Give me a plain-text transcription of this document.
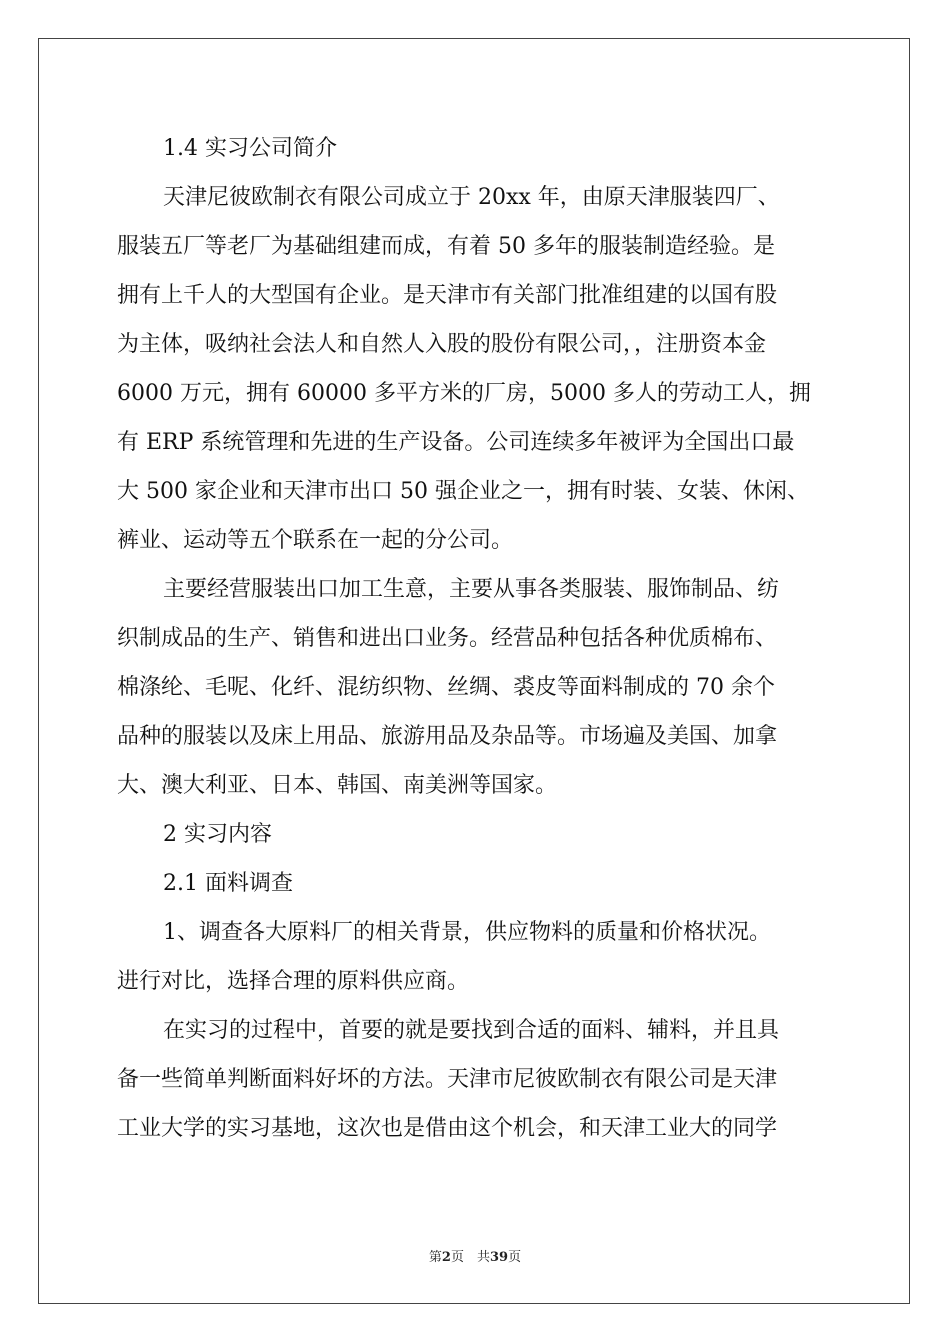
1.4 实习公司简介
天津尼彼欧制衣有限公司成立于 20xx 年，由原天津服装四厂、
服装五厂等老厂为基础组建而成，有着 50 多年的服装制造经验。是
拥有上千人的大型国有企业。是天津市有关部门批准组建的以国有股
为主体，吸纳社会法人和自然人入股的股份有限公司，，注册资本金
6000 万元，拥有 60000 多平方米的厂房，5000 多人的劳动工人，拥
有 ERP 系统管理和先进的生产设备。公司连续多年被评为全国出口最
大 500 家企业和天津市出口 50 强企业之一，拥有时装、女装、休闲、
裤业、运动等五个联系在一起的分公司。
主要经营服装出口加工生意，主要从事各类服装、服饰制品、纺
织制成品的生产、销售和进出口业务。经营品种包括各种优质棉布、
棉涤纶、毛呢、化纤、混纺织物、丝绸、裘皮等面料制成的 70 余个
品种的服装以及床上用品、旅游用品及杂品等。市场遍及美国、加拿
大、澳大利亚、日本、韩国、南美洲等国家。
2 实习内容
2.1 面料调查
1、调查各大原料厂的相关背景，供应物料的质量和价格状况。
进行对比，选择合理的原料供应商。
在实习的过程中，首要的就是要找到合适的面料、辅料，并且具
备一些简单判断面料好坏的方法。天津市尼彼欧制衣有限公司是天津
工业大学的实习基地，这次也是借由这个机会，和天津工业大的同学
第2页　共39页
